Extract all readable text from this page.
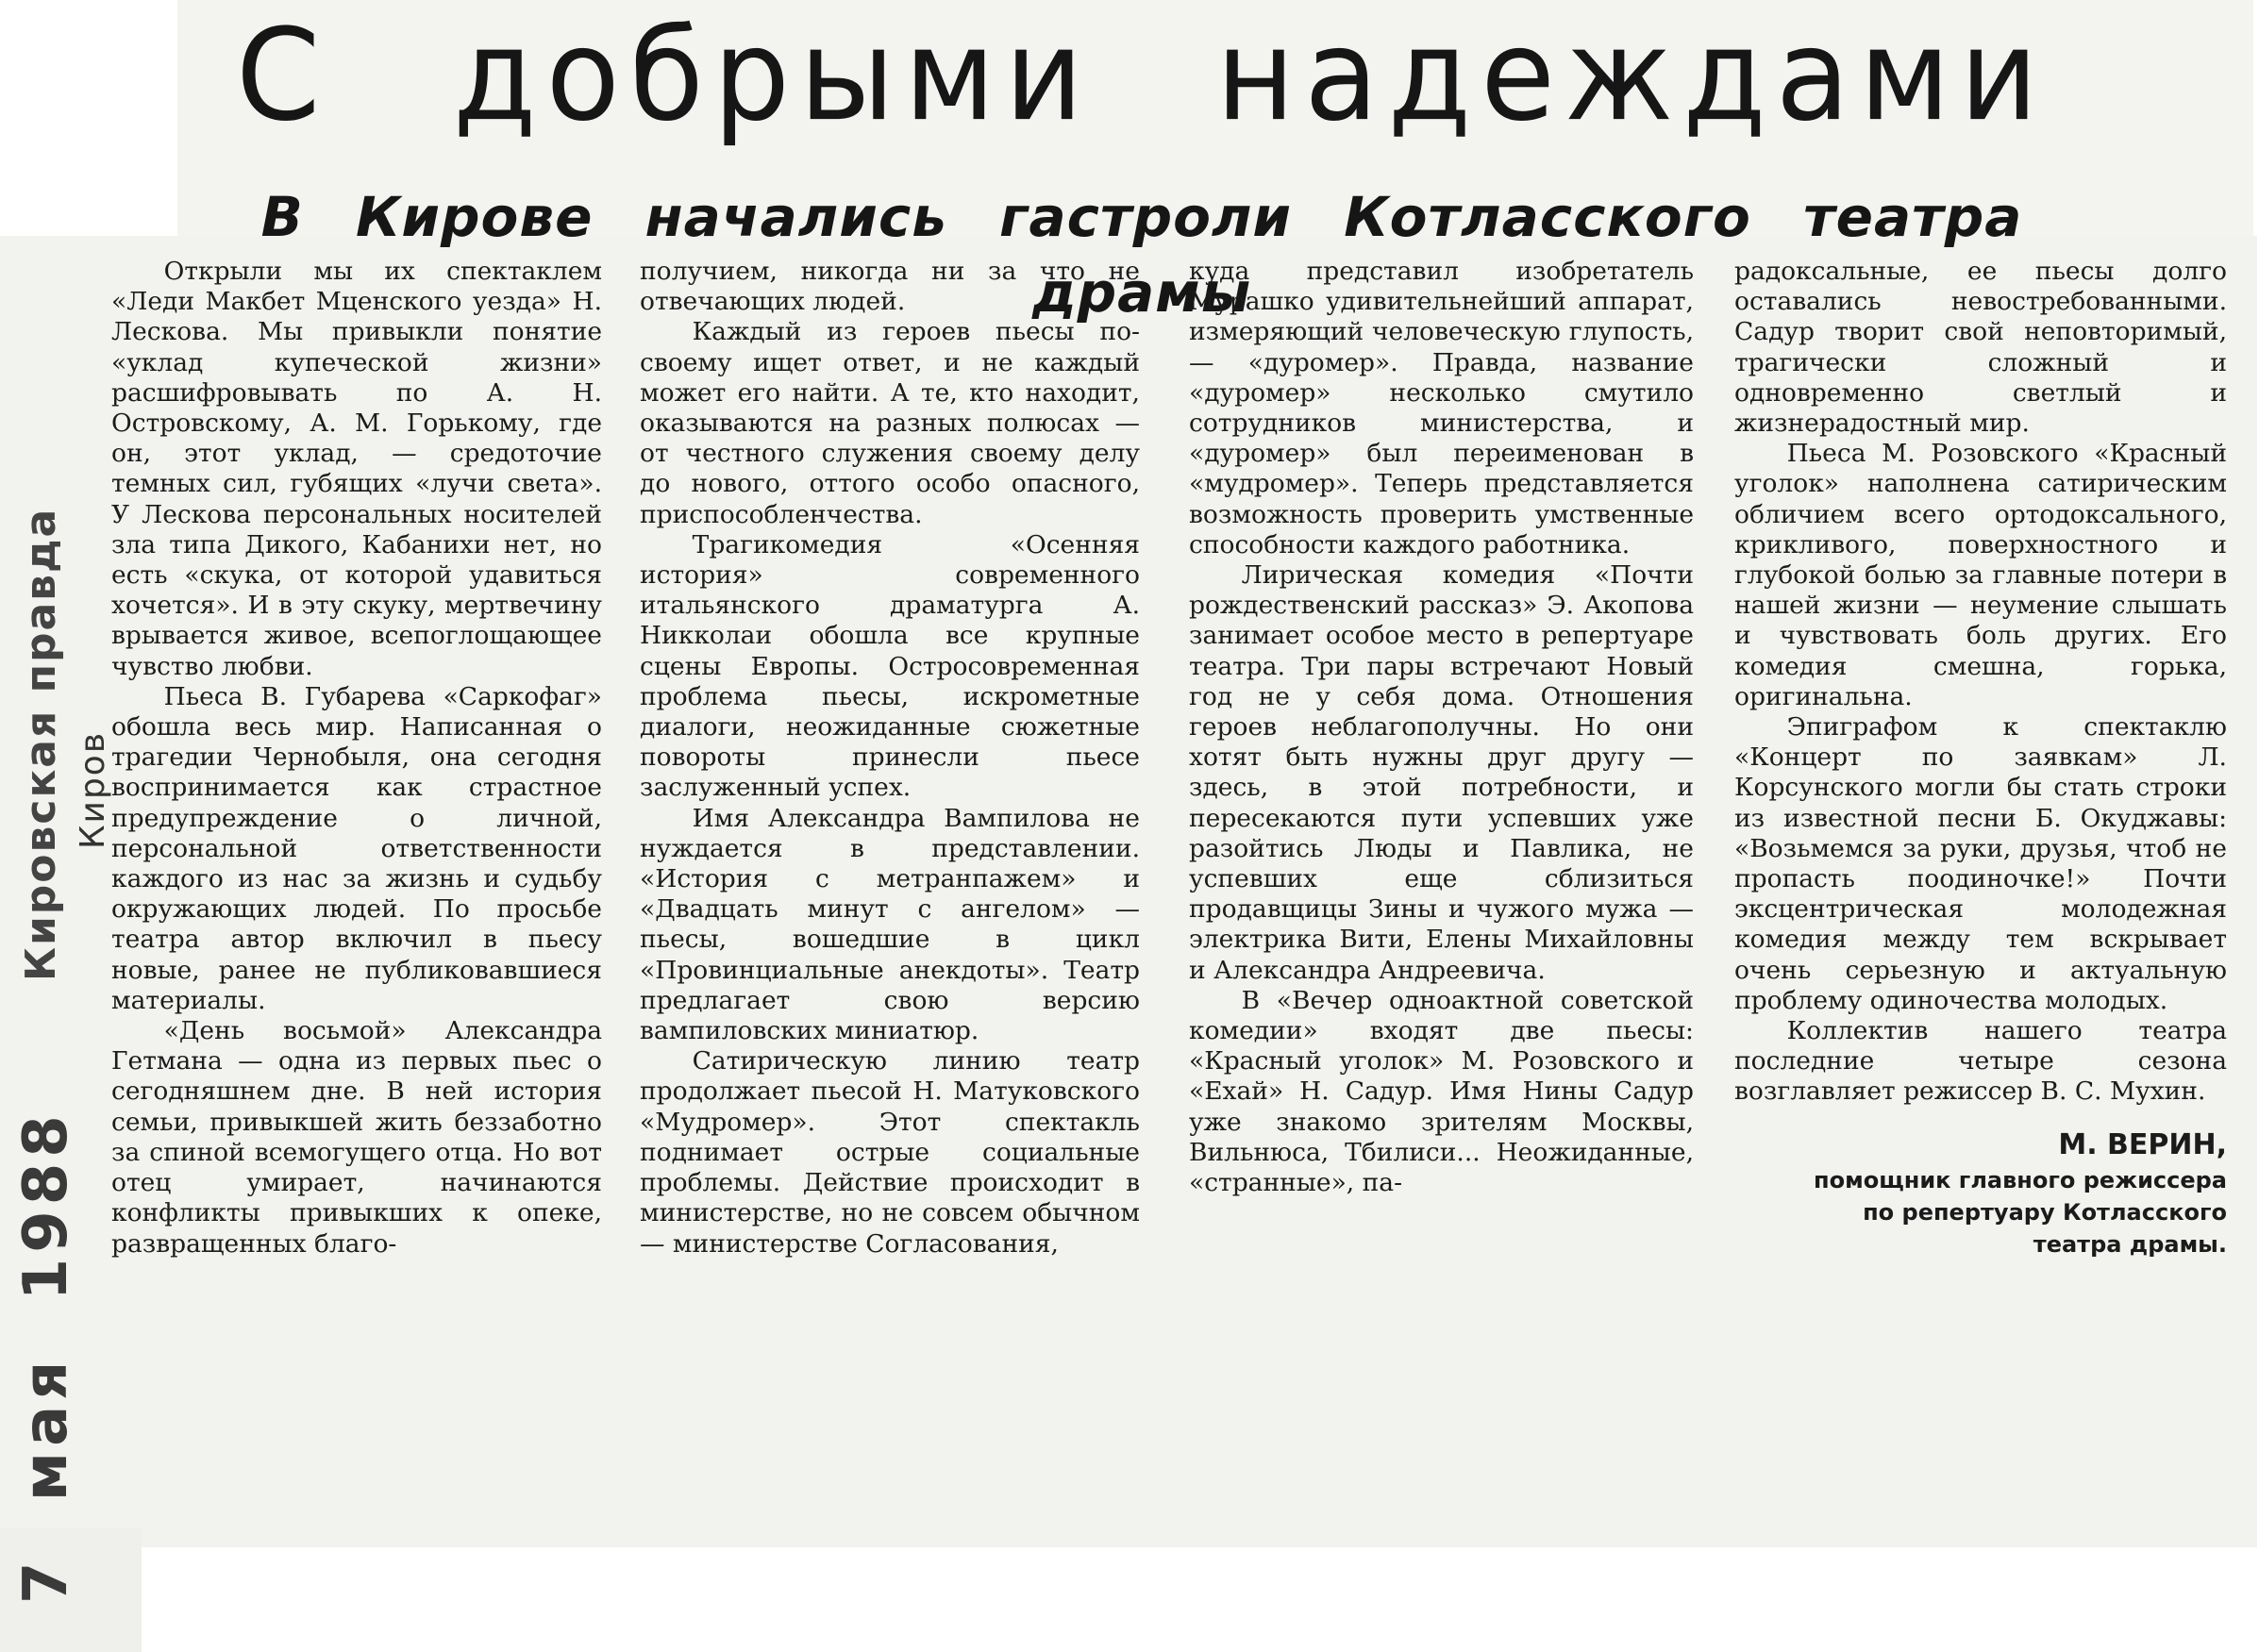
С добрыми надеждами
В Кирове начались гастроли Котласского театра драмы
Кировская правда Киров
7 мая 1988

Открыли мы их спектаклем «Леди Макбет Мценского уезда» Н. Лескова. Мы привыкли понятие «уклад купеческой жизни» расшифровывать по А. Н. Островскому, А. М. Горькому, где он, этот уклад, — средоточие темных сил, губящих «лучи света». У Лескова персональных носителей зла типа Дикого, Кабанихи нет, но есть «скука, от которой удавиться хочется». И в эту скуку, мертвечину врывается живое, всепоглощающее чувство любви.

Пьеса В. Губарева «Саркофаг» обошла весь мир. Написанная о трагедии Чернобыля, она сегодня воспринимается как страстное предупреждение о личной, персональной ответственности каждого из нас за жизнь и судьбу окружающих людей. По просьбе театра автор включил в пьесу новые, ранее не публиковавшиеся материалы.

«День восьмой» Александра Гетмана — одна из первых пьес о сегодняшнем дне. В ней история семьи, привыкшей жить беззаботно за спиной всемогущего отца. Но вот отец умирает, начинаются конфликты привыкших к опеке, развращенных благо-

получием, никогда ни за что не отвечающих людей.

Каждый из героев пьесы по-своему ищет ответ, и не каждый может его найти. А те, кто находит, оказываются на разных полюсах — от честного служения своему делу до нового, оттого особо опасного, приспособленчества.

Трагикомедия «Осенняя история» современного итальянского драматурга А. Никколаи обошла все крупные сцены Европы. Остросовременная проблема пьесы, искрометные диалоги, неожиданные сюжетные повороты принесли пьесе заслуженный успех.

Имя Александра Вампилова не нуждается в представлении. «История с метранпажем» и «Двадцать минут с ангелом» — пьесы, вошедшие в цикл «Провинциальные анекдоты». Театр предлагает свою версию вампиловских миниатюр.

Сатирическую линию театр продолжает пьесой Н. Матуковского «Мудромер». Этот спектакль поднимает острые социальные проблемы. Действие происходит в министерстве, но не совсем обычном — министерстве Согласования,

куда представил изобретатель Мурашко удивительнейший аппарат, измеряющий человеческую глупость, — «дуромер». Правда, название «дуромер» несколько смутило сотрудников министерства, и «дуромер» был переименован в «мудромер». Теперь представляется возможность проверить умственные способности каждого работника.

Лирическая комедия «Почти рождественский рассказ» Э. Акопова занимает особое место в репертуаре театра. Три пары встречают Новый год не у себя дома. Отношения героев неблагополучны. Но они хотят быть нужны друг другу — здесь, в этой потребности, и пересекаются пути успевших уже разойтись Люды и Павлика, не успевших еще сблизиться продавщицы Зины и чужого мужа — электрика Вити, Елены Михайловны и Александра Андреевича.

В «Вечер одноактной советской комедии» входят две пьесы: «Красный уголок» М. Розовского и «Ехай» Н. Садур. Имя Нины Садур уже знакомо зрителям Москвы, Вильнюса, Тбилиси... Неожиданные, «странные», па-

радоксальные, ее пьесы долго оставались невостребованными. Садур творит свой неповторимый, трагически сложный и одновременно светлый и жизнерадостный мир.

Пьеса М. Розовского «Красный уголок» наполнена сатирическим обличием всего ортодоксального, крикливого, поверхностного и глубокой болью за главные потери в нашей жизни — неумение слышать и чувствовать боль других. Его комедия смешна, горька, оригинальна.

Эпиграфом к спектаклю «Концерт по заявкам» Л. Корсунского могли бы стать строки из известной песни Б. Окуджавы: «Возьмемся за руки, друзья, чтоб не пропасть поодиночке!» Почти эксцентрическая молодежная комедия между тем вскрывает очень серьезную и актуальную проблему одиночества молодых.

Коллектив нашего театра последние четыре сезона возглавляет режиссер В. С. Мухин.

М. ВЕРИН,
помощник главного режиссера по репертуару Котласского театра драмы.
